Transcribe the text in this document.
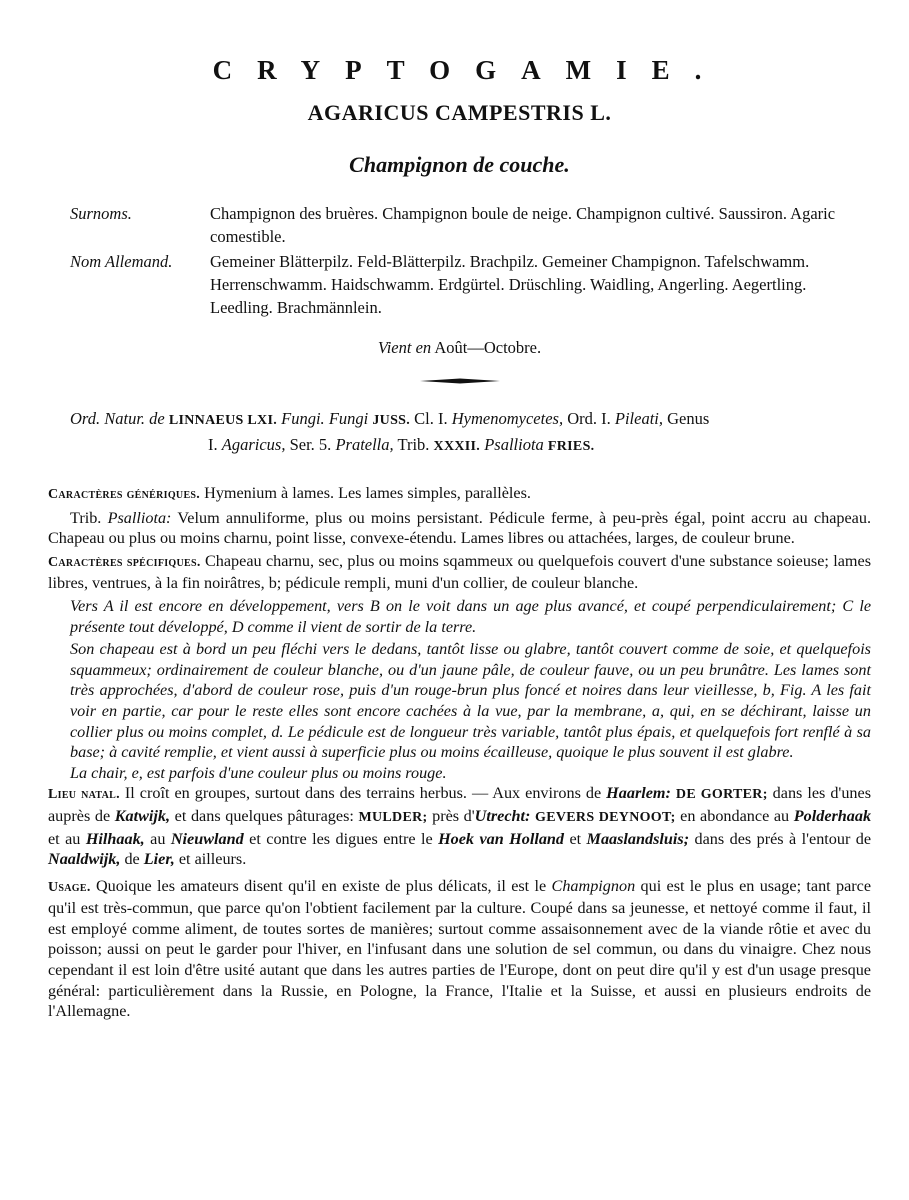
CRYPTOGAMIE.
AGARICUS CAMPESTRIS L.
Champignon de couche.
Surnoms.	Champignon des bruères. Champignon boule de neige. Champignon cultivé. Saussiron. Agaric comestible.
Nom Allemand.	Gemeiner Blätterpilz. Feld-Blätterpilz. Brachpilz. Gemeiner Champignon. Tafelschwamm. Herrenschwamm. Haidschwamm. Erdgürtel. Drüschling. Waidling, Angerling. Aegertling. Leedling. Brachmännlein.

Vient en Août—Octobre.

Ord. Natur. de LINNAEUS LXI. Fungi. Fungi JUSS. Cl. I. Hymenomycetes, Ord. I. Pileati, Genus
I. Agaricus, Ser. 5. Pratella, Trib. XXXII. Psalliota FRIES.

Caractères génériques. Hymenium à lames. Les lames simples, parallèles.

Trib. Psalliota: Velum annuliforme, plus ou moins persistant. Pédicule ferme, à peu-près égal, point accru au chapeau. Chapeau ou plus ou moins charnu, point lisse, convexe-étendu. Lames libres ou attachées, larges, de couleur brune.

Caractères spécifiques. Chapeau charnu, sec, plus ou moins sqammeux ou quelquefois couvert d'une substance soieuse; lames libres, ventrues, à la fin noirâtres, b; pédicule rempli, muni d'un collier, de couleur blanche.

Vers A il est encore en développement, vers B on le voit dans un age plus avancé, et coupé perpendiculairement; C le présente tout développé, D comme il vient de sortir de la terre.

Son chapeau est à bord un peu fléchi vers le dedans, tantôt lisse ou glabre, tantôt couvert comme de soie, et quelquefois squammeux; ordinairement de couleur blanche, ou d'un jaune pâle, de couleur fauve, ou un peu brunâtre. Les lames sont très approchées, d'abord de couleur rose, puis d'un rouge-brun plus foncé et noires dans leur vieillesse, b, Fig. A les fait voir en partie, car pour le reste elles sont encore cachées à la vue, par la membrane, a, qui, en se déchirant, laisse un collier plus ou moins complet, d. Le pédicule est de longueur très variable, tantôt plus épais, et quelquefois fort renflé à sa base; à cavité remplie, et vient aussi à superficie plus ou moins écailleuse, quoique le plus souvent il est glabre.

La chair, e, est parfois d'une couleur plus ou moins rouge.

Lieu natal. Il croît en groupes, surtout dans des terrains herbus. — Aux environs de Haarlem: DE GORTER; dans les d'unes auprès de Katwijk, et dans quelques pâturages: MULDER; près d'Utrecht: GEVERS DEYNOOT; en abondance au Polderhaak et au Hilhaak, au Nieuwland et contre les digues entre le Hoek van Holland et Maaslandsluis; dans des prés à l'entour de Naaldwijk, de Lier, et ailleurs.

Usage. Quoique les amateurs disent qu'il en existe de plus délicats, il est le Champignon qui est le plus en usage; tant parce qu'il est très-commun, que parce qu'on l'obtient facilement par la culture. Coupé dans sa jeunesse, et nettoyé comme il faut, il est employé comme aliment, de toutes sortes de manières; surtout comme assaisonnement avec de la viande rôtie et avec du poisson; aussi on peut le garder pour l'hiver, en l'infusant dans une solution de sel commun, ou dans du vinaigre. Chez nous cependant il est loin d'être usité autant que dans les autres parties de l'Europe, dont on peut dire qu'il y est d'un usage presque général: particulièrement dans la Russie, en Pologne, la France, l'Italie et la Suisse, et aussi en plusieurs endroits de l'Allemagne.
